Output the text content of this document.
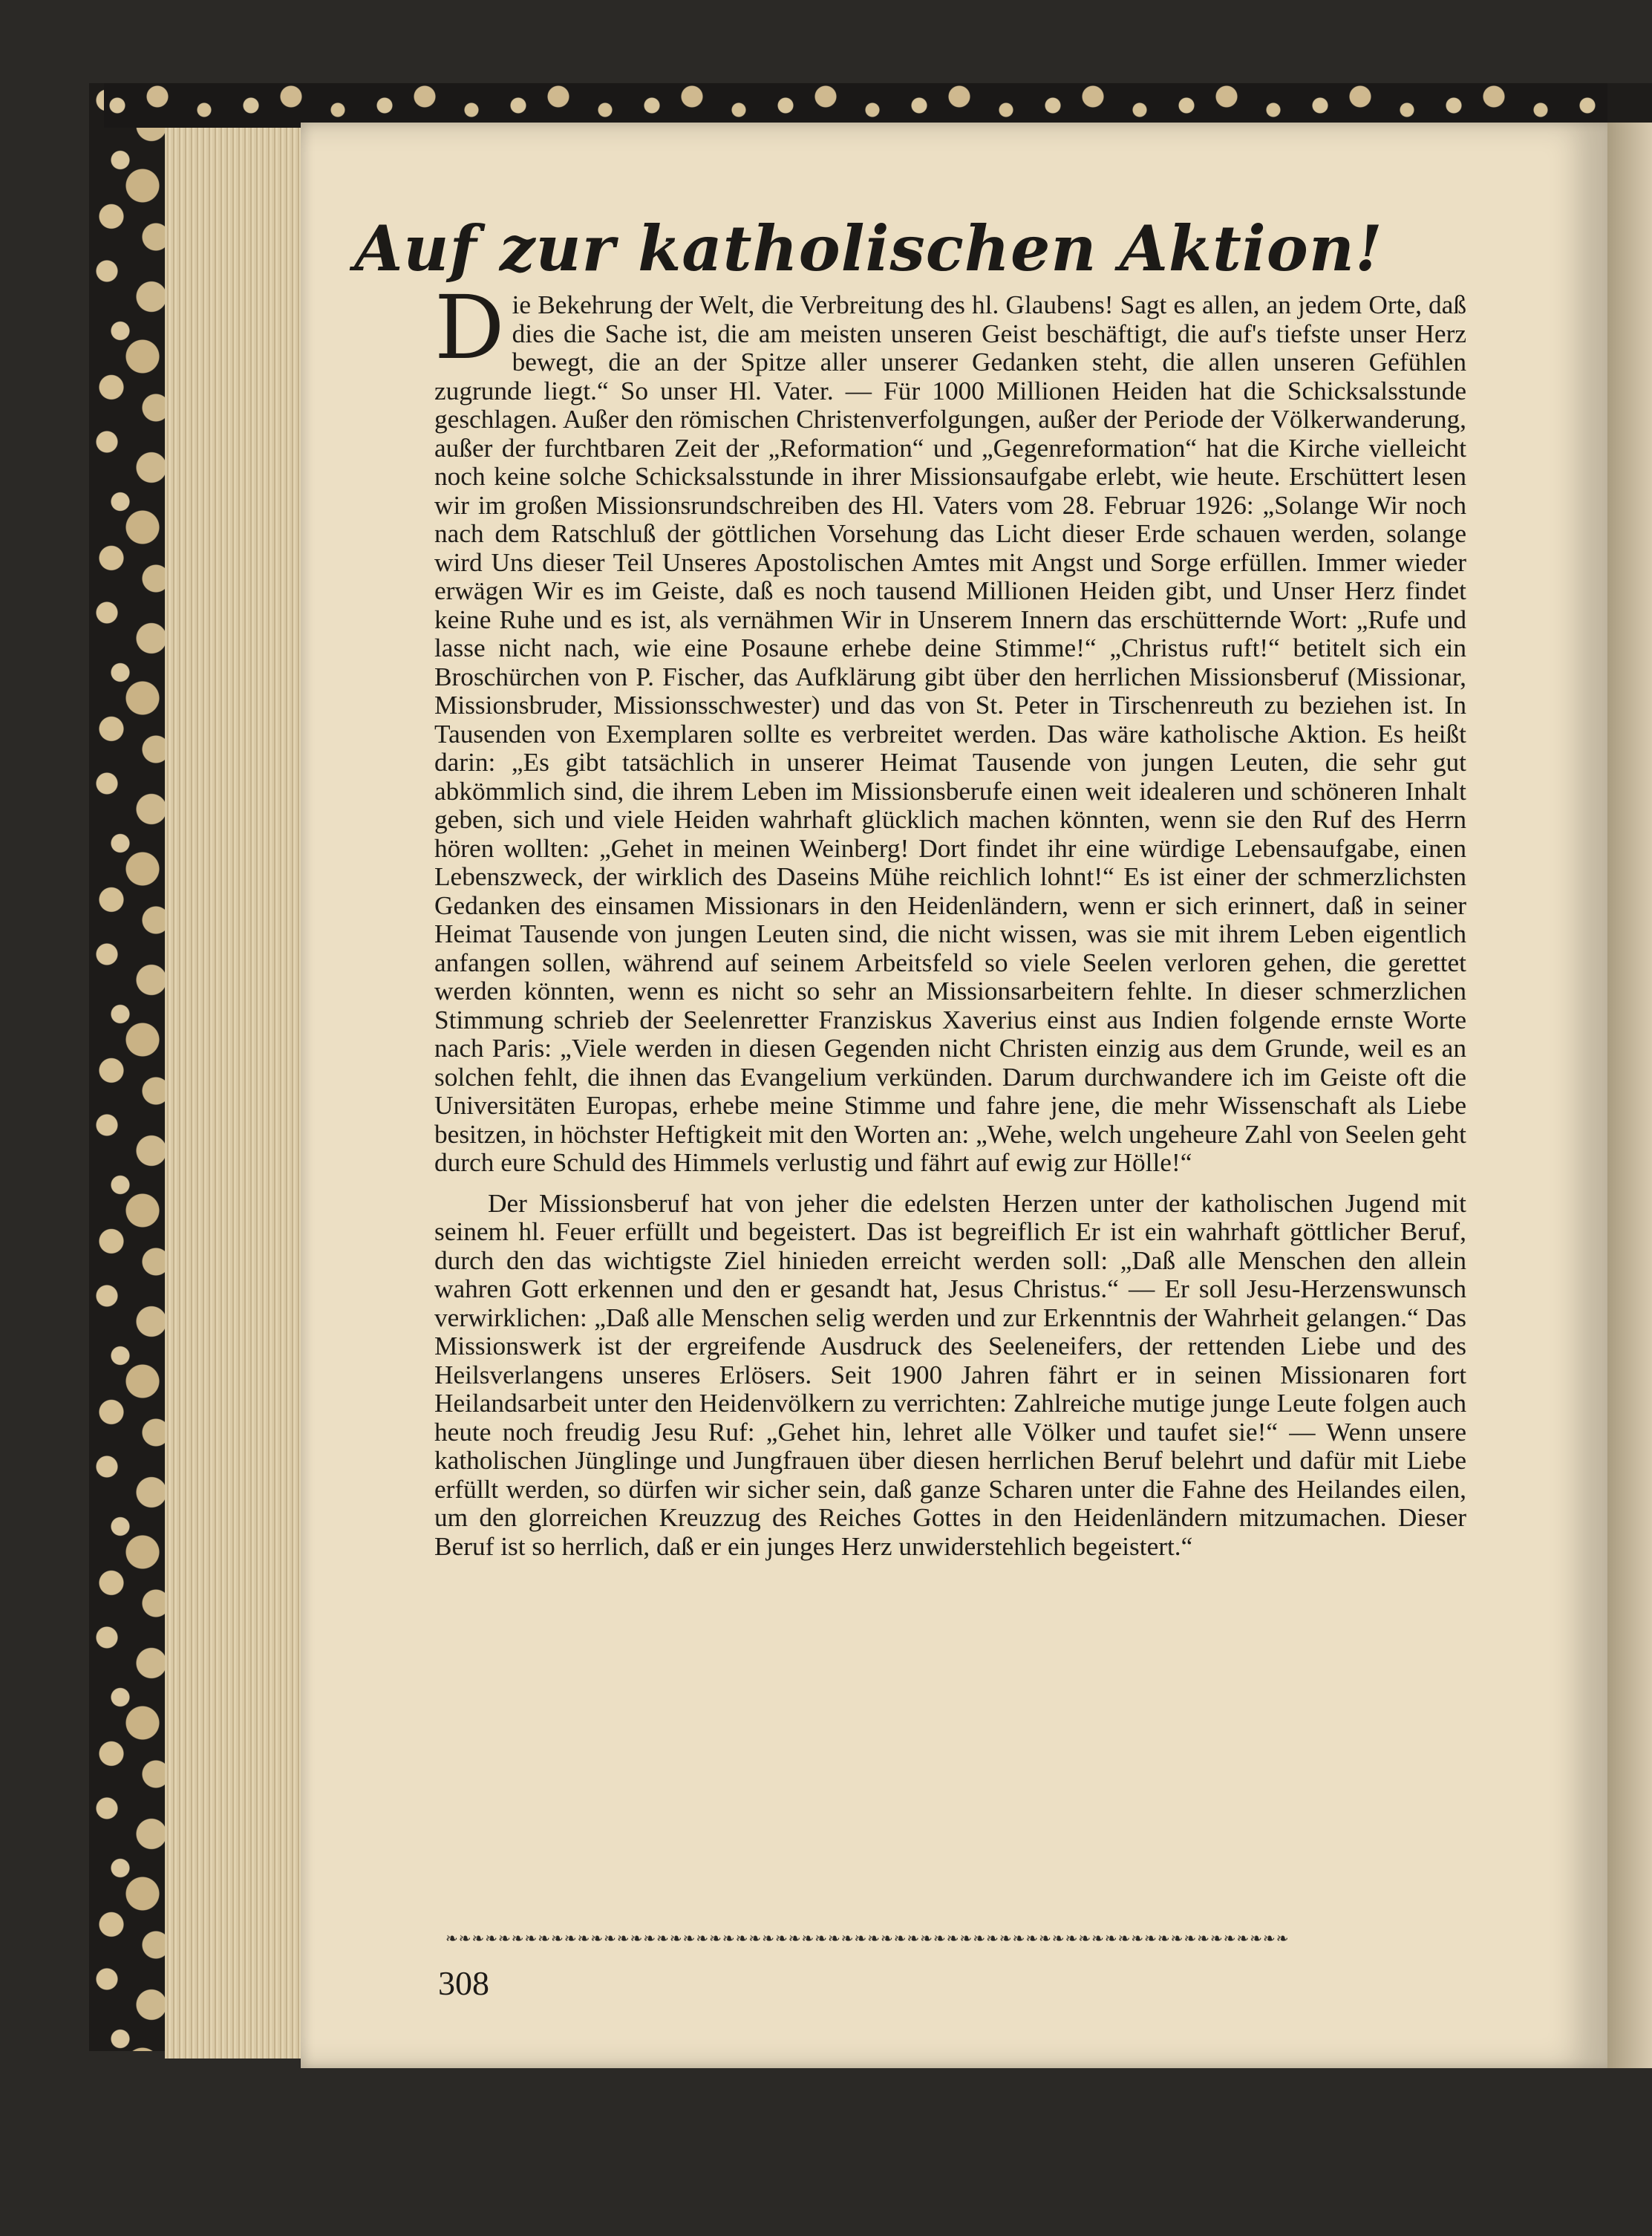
Auf zur katholischen Aktion!

Die Bekehrung der Welt, die Verbreitung des hl. Glaubens! Sagt es allen, an jedem Orte, daß dies die Sache ist, die am meisten unseren Geist beschäftigt, die auf's tiefste unser Herz bewegt, die an der Spitze aller unserer Gedanken steht, die allen unseren Gefühlen zugrunde liegt.“ So unser Hl. Vater. — Für 1000 Millionen Heiden hat die Schicksalsstunde geschlagen. Außer den römischen Christenverfolgungen, außer der Periode der Völkerwanderung, außer der furchtbaren Zeit der „Reformation“ und „Gegenreformation“ hat die Kirche vielleicht noch keine solche Schicksalsstunde in ihrer Missionsaufgabe erlebt, wie heute. Erschüttert lesen wir im großen Missionsrundschreiben des Hl. Vaters vom 28. Februar 1926: „Solange Wir noch nach dem Ratschluß der göttlichen Vorsehung das Licht dieser Erde schauen werden, solange wird Uns dieser Teil Unseres Apostolischen Amtes mit Angst und Sorge erfüllen. Immer wieder erwägen Wir es im Geiste, daß es noch tausend Millionen Heiden gibt, und Unser Herz findet keine Ruhe und es ist, als vernähmen Wir in Unserem Innern das erschütternde Wort: „Rufe und lasse nicht nach, wie eine Posaune erhebe deine Stimme!“ „Christus ruft!“ betitelt sich ein Broschürchen von P. Fischer, das Aufklärung gibt über den herrlichen Missionsberuf (Missionar, Missionsbruder, Missionsschwester) und das von St. Peter in Tirschenreuth zu beziehen ist. In Tausenden von Exemplaren sollte es verbreitet werden. Das wäre katholische Aktion. Es heißt darin: „Es gibt tatsächlich in unserer Heimat Tausende von jungen Leuten, die sehr gut abkömmlich sind, die ihrem Leben im Missionsberufe einen weit idealeren und schöneren Inhalt geben, sich und viele Heiden wahrhaft glücklich machen könnten, wenn sie den Ruf des Herrn hören wollten: „Gehet in meinen Weinberg! Dort findet ihr eine würdige Lebensaufgabe, einen Lebenszweck, der wirklich des Daseins Mühe reichlich lohnt!“ Es ist einer der schmerzlichsten Gedanken des einsamen Missionars in den Heidenländern, wenn er sich erinnert, daß in seiner Heimat Tausende von jungen Leuten sind, die nicht wissen, was sie mit ihrem Leben eigentlich anfangen sollen, während auf seinem Arbeitsfeld so viele Seelen verloren gehen, die gerettet werden könnten, wenn es nicht so sehr an Missionsarbeitern fehlte. In dieser schmerzlichen Stimmung schrieb der Seelenretter Franziskus Xaverius einst aus Indien folgende ernste Worte nach Paris: „Viele werden in diesen Gegenden nicht Christen einzig aus dem Grunde, weil es an solchen fehlt, die ihnen das Evangelium verkünden. Darum durchwandere ich im Geiste oft die Universitäten Europas, erhebe meine Stimme und fahre jene, die mehr Wissenschaft als Liebe besitzen, in höchster Heftigkeit mit den Worten an: „Wehe, welch ungeheure Zahl von Seelen geht durch eure Schuld des Himmels verlustig und fährt auf ewig zur Hölle!“

Der Missionsberuf hat von jeher die edelsten Herzen unter der katholischen Jugend mit seinem hl. Feuer erfüllt und begeistert. Das ist begreiflich Er ist ein wahrhaft göttlicher Beruf, durch den das wichtigste Ziel hinieden erreicht werden soll: „Daß alle Menschen den allein wahren Gott erkennen und den er gesandt hat, Jesus Christus.“ — Er soll Jesu-Herzenswunsch verwirklichen: „Daß alle Menschen selig werden und zur Erkenntnis der Wahrheit gelangen.“ Das Missionswerk ist der ergreifende Ausdruck des Seeleneifers, der rettenden Liebe und des Heilsverlangens unseres Erlösers. Seit 1900 Jahren fährt er in seinen Missionaren fort Heilandsarbeit unter den Heidenvölkern zu verrichten: Zahlreiche mutige junge Leute folgen auch heute noch freudig Jesu Ruf: „Gehet hin, lehret alle Völker und taufet sie!“ — Wenn unsere katholischen Jünglinge und Jungfrauen über diesen herrlichen Beruf belehrt und dafür mit Liebe erfüllt werden, so dürfen wir sicher sein, daß ganze Scharen unter die Fahne des Heilandes eilen, um den glorreichen Kreuzzug des Reiches Gottes in den Heidenländern mitzumachen. Dieser Beruf ist so herrlich, daß er ein junges Herz unwiderstehlich begeistert.“

❧❧❧❧❧❧❧❧❧❧❧❧❧❧❧❧❧❧❧❧❧❧❧❧❧❧❧❧❧❧❧❧❧❧❧❧❧❧❧❧❧❧❧❧❧❧❧❧❧❧❧❧❧❧❧❧❧❧❧❧❧❧❧❧
308
